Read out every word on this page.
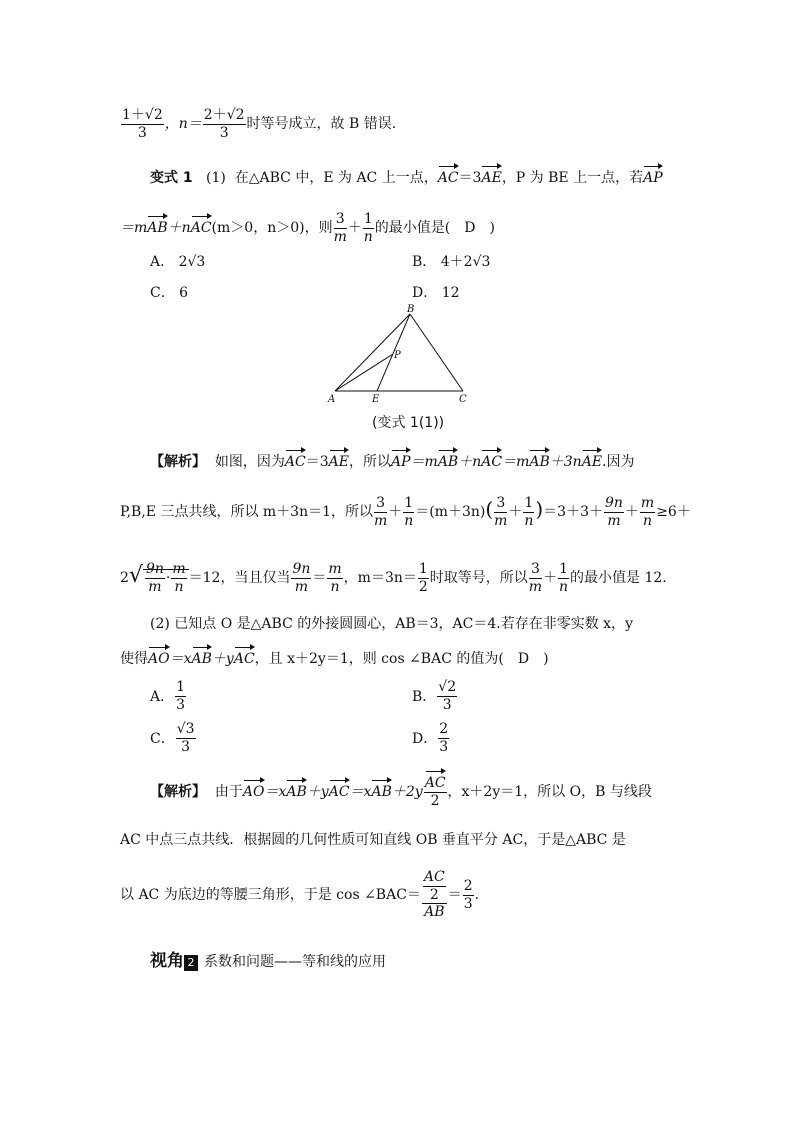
$\frac{1+√2}{3}$ ，$n= \frac{2+√2}{3}$ 时等号成立，故 B 错误．
变式 1 (1) 在△ABC 中，E 为 AC 上一点，AC＝3AE，P 为 BE 上一点，若AP
＝mAB＋nAC(m＞0，n＞0)，则 $\frac{3}{m} + \frac{1}{n}$ 的最小值是( D )
A． 2√3	B． 4＋2√3
C． 6	D． 12
A
B
C
E
P
(变式 1(1))
【解析】 如图，因为AC＝3AE，所以AP＝mAB＋nAC＝mAB＋3nAE.因为
P,B,E 三点共线，所以 m＋3n＝1，所以 $\frac{3}{m} + \frac{1}{n} =(m+3n)( \frac{3}{m} + \frac{1}{n} )=3+3+ \frac{9n}{m} + \frac{m}{n} \ge 6+$
$2√ \frac{9n}{m} \cdot \frac{m}{n} =12$，当且仅当 $\frac{9n}{m} = \frac{m}{n}$ ，$m=3n= \frac{1}{2}$ 时取等号，所以 $\frac{3}{m} + \frac{1}{n}$ 的最小值是 12.
(2) 已知点 O 是△ABC 的外接圆圆心，AB＝3，AC＝4.若存在非零实数 x，y
使得AO＝xAB＋yAC，且 x＋2y＝1，则 cos ∠BAC 的值为( D )
A． $\frac{1}{3}$	B． $\frac{√2}{3}$
C． $\frac{√3}{3}$	D． $\frac{2}{3}$
【解析】 由于$AO=xAB+yAC=xAB+2y \frac{AC}{2}$ ，x＋2y＝1，所以 O，B 与线段
AC 中点三点共线．根据圆的几何性质可知直线 OB 垂直平分 AC，于是△ABC 是
以 AC 为底边的等腰三角形，于是 cos ∠BAC＝ $\frac{\frac{AC}{2}}{AB} = \frac{2}{3}$ .
视角 2 系数和问题——等和线的应用
